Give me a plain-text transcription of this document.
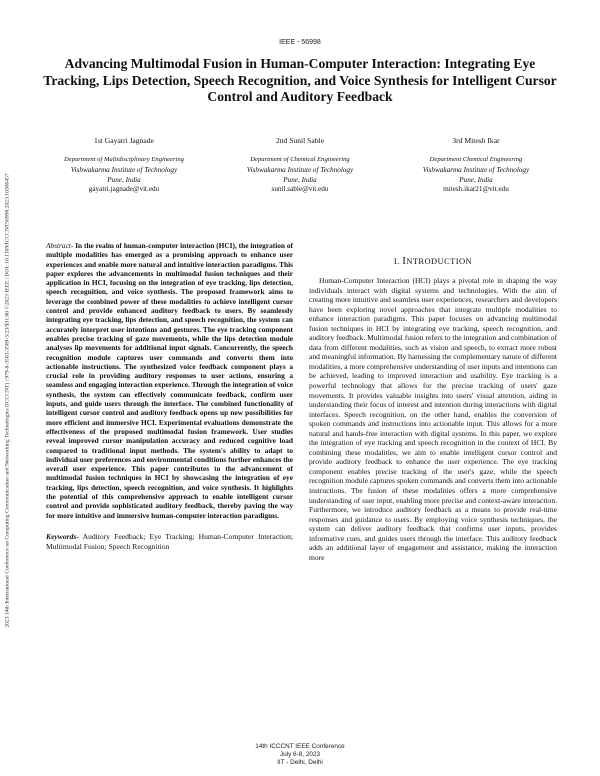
IEEE - 56998
2023 14th International Conference on Computing Communication and Networking Technologies (ICCCNT) | 979-8-3503-3509-5/23/$31.00 ©2023 IEEE | DOI: 10.1109/ICCCNT56998.2023.10306457
Advancing Multimodal Fusion in Human-Computer Interaction: Integrating Eye Tracking, Lips Detection, Speech Recognition, and Voice Synthesis for Intelligent Cursor Control and Auditory Feedback
1st Gayatri Jagnade
Department of Multidisciplinary Engineering
Vishwakarma Institute of Technology
Pune, India
gayatri.jagnade@vit.edu
2nd Sunil Sable
Department of Chemical Engineering
Vishwakarma Institute of Technology
Pune, India
sunil.sable@vit.edu
3rd Mitesh Ikar
Department Chemical Engineering
Vishwakarma Institute of Technology
Pune, India
mitesh.ikar21@vit.edu

Abstract- In the realm of human-computer interaction (HCI), the integration of multiple modalities has emerged as a promising approach to enhance user experiences and enable more natural and intuitive interaction paradigms. This paper explores the advancements in multimodal fusion techniques and their application in HCI, focusing on the integration of eye tracking, lips detection, speech recognition, and voice synthesis. The proposed framework aims to leverage the combined power of these modalities to achieve intelligent cursor control and provide enhanced auditory feedback to users. By seamlessly integrating eye tracking, lips detection, and speech recognition, the system can accurately interpret user intentions and gestures. The eye tracking component enables precise tracking of gaze movements, while the lips detection module analyses lip movements for additional input signals. Concurrently, the speech recognition module captures user commands and converts them into actionable instructions. The synthesized voice feedback component plays a crucial role in providing auditory responses to user actions, ensuring a seamless and engaging interaction experience. Through the integration of voice synthesis, the system can effectively communicate feedback, confirm user inputs, and guide users through the interface. The combined functionality of intelligent cursor control and auditory feedback opens up new possibilities for more efficient and immersive HCI. Experimental evaluations demonstrate the effectiveness of the proposed multimodal fusion framework. User studies reveal improved cursor manipulation accuracy and reduced cognitive load compared to traditional input methods. The system's ability to adapt to individual user preferences and environmental conditions further enhances the overall user experience. This paper contributes to the advancement of multimodal fusion techniques in HCI by showcasing the integration of eye tracking, lips detection, speech recognition, and voice synthesis. It highlights the potential of this comprehensive approach to enable intelligent cursor control and provide sophisticated auditory feedback, thereby paving the way for more intuitive and immersive human-computer interaction paradigms.

Keywords- Auditory Feedback; Eye Tracking; Human-Computer Interaction; Multimodal Fusion; Speech Recognition

I. INTRODUCTION

Human-Computer Interaction (HCI) plays a pivotal role in shaping the way individuals interact with digital systems and technologies. With the aim of creating more intuitive and seamless user experiences, researchers and developers have been exploring novel approaches that integrate multiple modalities to enhance interaction paradigms. This paper focuses on advancing multimodal fusion techniques in HCI by integrating eye tracking, speech recognition, and auditory feedback. Multimodal fusion refers to the integration and combination of data from different modalities, such as vision and speech, to extract more robust and meaningful information. By harnessing the complementary nature of different modalities, a more comprehensive understanding of user inputs and intentions can be achieved, leading to improved interaction and usability. Eye tracking is a powerful technology that allows for the precise tracking of users' gaze movements. It provides valuable insights into users' visual attention, aiding in understanding their focus of interest and intention during interactions with digital interfaces. Speech recognition, on the other hand, enables the conversion of spoken commands and instructions into actionable input. This allows for a more natural and hands-free interaction with digital systems. In this paper, we explore the integration of eye tracking and speech recognition in the context of HCI. By combining these modalities, we aim to enable intelligent cursor control and provide auditory feedback to enhance the user experience. The eye tracking component enables precise tracking of the user's gaze, while the speech recognition module captures spoken commands and converts them into actionable instructions. The fusion of these modalities offers a more comprehensive understanding of user input, enabling more precise and context-aware interaction. Furthermore, we introduce auditory feedback as a means to provide real-time responses and guidance to users. By employing voice synthesis techniques, the system can deliver auditory feedback that confirms user inputs, provides informative cues, and guides users through the interface. This auditory feedback adds an additional layer of engagement and assistance, making the interaction more

14th ICCCNT IEEE Conference
July 6-8, 2023
IIT - Delhi, Delhi
